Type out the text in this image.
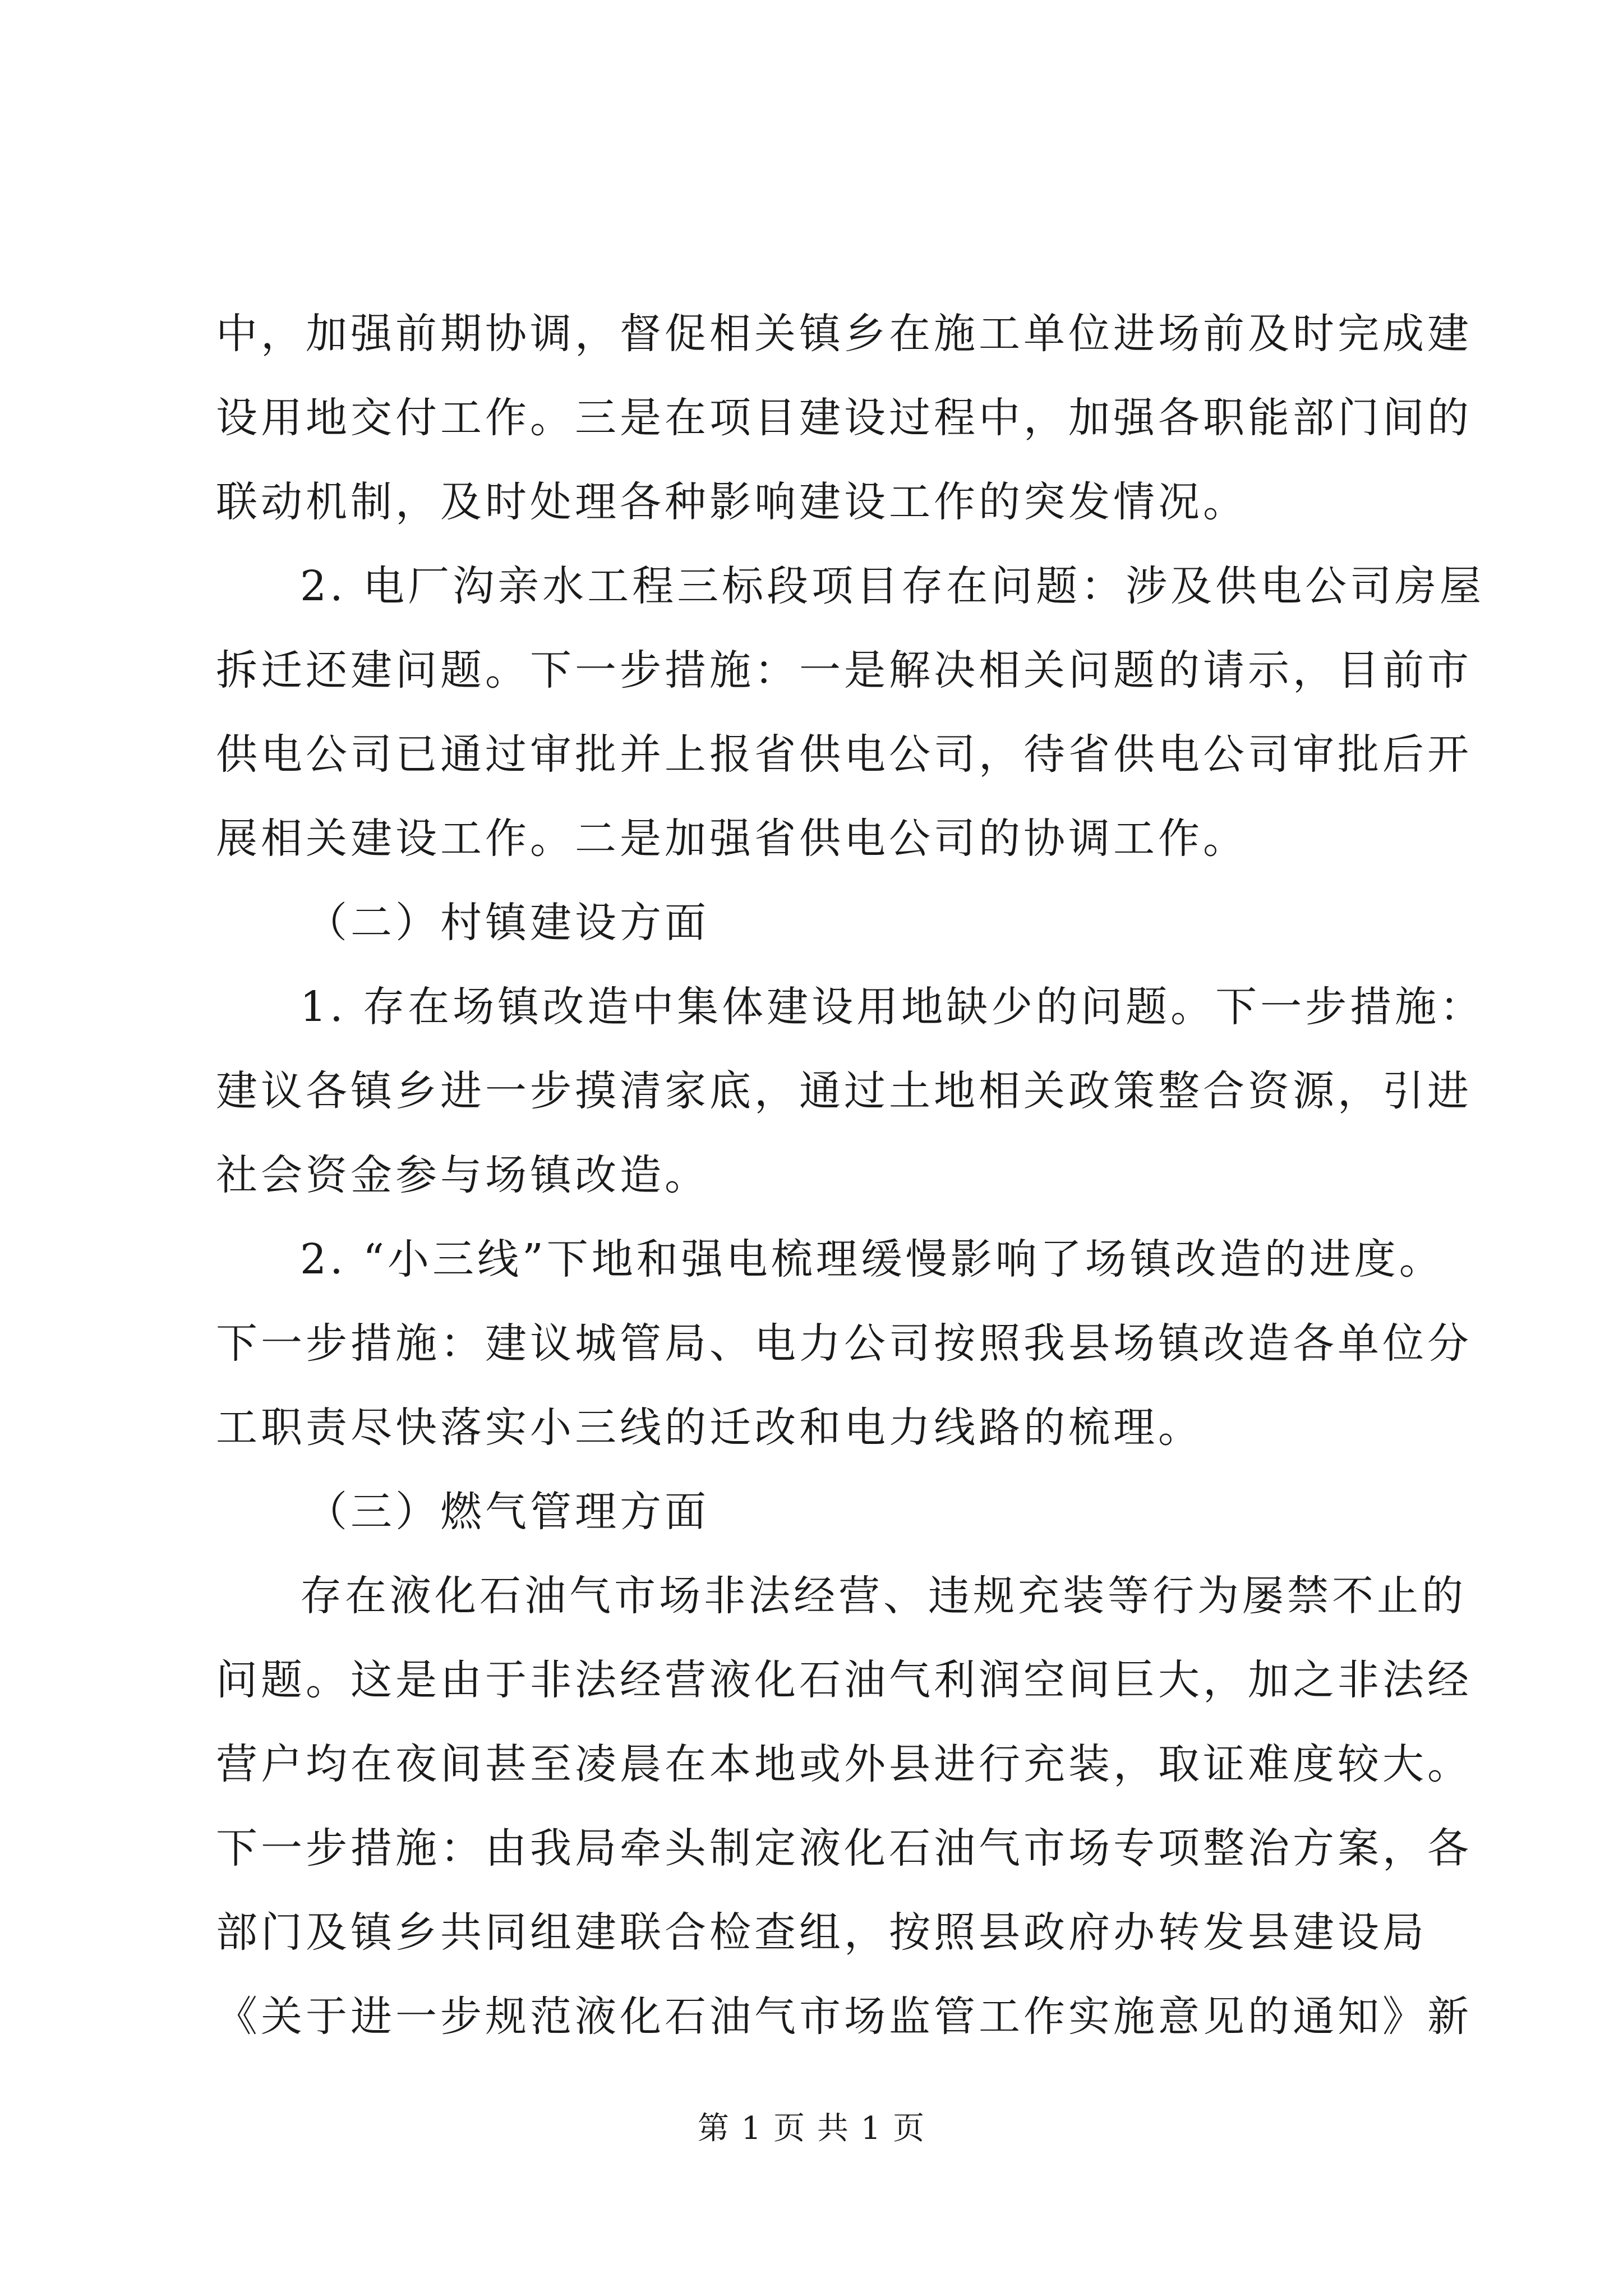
中，加强前期协调，督促相关镇乡在施工单位进场前及时完成建
设用地交付工作。三是在项目建设过程中，加强各职能部门间的
联动机制，及时处理各种影响建设工作的突发情况。
2. 电厂沟亲水工程三标段项目存在问题：涉及供电公司房屋
拆迁还建问题。下一步措施：一是解决相关问题的请示，目前市
供电公司已通过审批并上报省供电公司，待省供电公司审批后开
展相关建设工作。二是加强省供电公司的协调工作。
（二）村镇建设方面
1. 存在场镇改造中集体建设用地缺少的问题。下一步措施：
建议各镇乡进一步摸清家底，通过土地相关政策整合资源，引进
社会资金参与场镇改造。
2. “小三线”下地和强电梳理缓慢影响了场镇改造的进度。
下一步措施：建议城管局、电力公司按照我县场镇改造各单位分
工职责尽快落实小三线的迁改和电力线路的梳理。
（三）燃气管理方面
存在液化石油气市场非法经营、违规充装等行为屡禁不止的
问题。这是由于非法经营液化石油气利润空间巨大，加之非法经
营户均在夜间甚至凌晨在本地或外县进行充装，取证难度较大。
下一步措施：由我局牵头制定液化石油气市场专项整治方案，各
部门及镇乡共同组建联合检查组，按照县政府办转发县建设局
《关于进一步规范液化石油气市场监管工作实施意见的通知》新
第 1 页 共 1 页
